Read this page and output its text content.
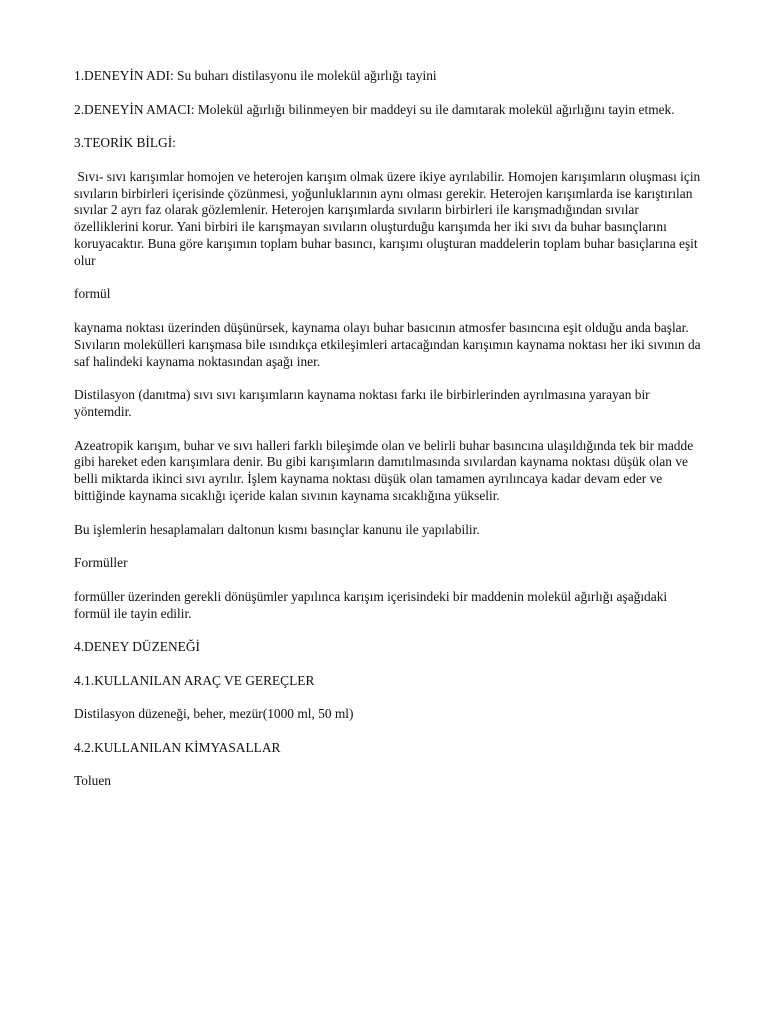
1.DENEYİN ADI: Su buharı distilasyonu ile molekül ağırlığı tayini

2.DENEYİN AMACI: Molekül ağırlığı bilinmeyen bir maddeyi su ile damıtarak molekül ağırlığını tayin etmek.

3.TEORİK BİLGİ:

Sıvı- sıvı karışımlar homojen ve heterojen karışım olmak üzere ikiye ayrılabilir. Homojen karışımların oluşması için sıvıların birbirleri içerisinde çözünmesi, yoğunluklarının aynı olması gerekir. Heterojen karışımlarda ise karıştırılan sıvılar 2 ayrı faz olarak gözlemlenir. Heterojen karışımlarda sıvıların birbirleri ile karışmadığından sıvılar özelliklerini korur. Yani birbiri ile karışmayan sıvıların oluşturduğu karışımda her iki sıvı da buhar basınçlarını koruyacaktır. Buna göre karışımın toplam buhar basıncı, karışımı oluşturan maddelerin toplam buhar basıçlarına eşit olur

formül

kaynama noktası üzerinden düşünürsek, kaynama olayı buhar basıcının atmosfer basıncına eşit olduğu anda başlar. Sıvıların molekülleri karışmasa bile ısındıkça etkileşimleri artacağından karışımın kaynama noktası her iki sıvının da saf halindeki kaynama noktasından aşağı iner.

Distilasyon (danıtma) sıvı sıvı karışımların kaynama noktası farkı ile birbirlerinden ayrılmasına yarayan bir yöntemdir.

Azeatropik karışım, buhar ve sıvı halleri farklı bileşimde olan ve belirli buhar basıncına ulaşıldığında tek bir madde gibi hareket eden karışımlara denir. Bu gibi karışımların damıtılmasında sıvılardan kaynama noktası düşük olan ve belli miktarda ikinci sıvı ayrılır. İşlem kaynama noktası düşük olan tamamen ayrılıncaya kadar devam eder ve bittiğinde kaynama sıcaklığı içeride kalan sıvının kaynama sıcaklığına yükselir.

Bu işlemlerin hesaplamaları daltonun kısmı basınçlar kanunu ile yapılabilir.

Formüller

formüller üzerinden gerekli dönüşümler yapılınca karışım içerisindeki bir maddenin molekül ağırlığı aşağıdaki formül ile tayin edilir.

4.DENEY DÜZENEĞİ

4.1.KULLANILAN ARAÇ VE GEREÇLER

Distilasyon düzeneği, beher, mezür(1000 ml, 50 ml)

4.2.KULLANILAN KİMYASALLAR

Toluen
